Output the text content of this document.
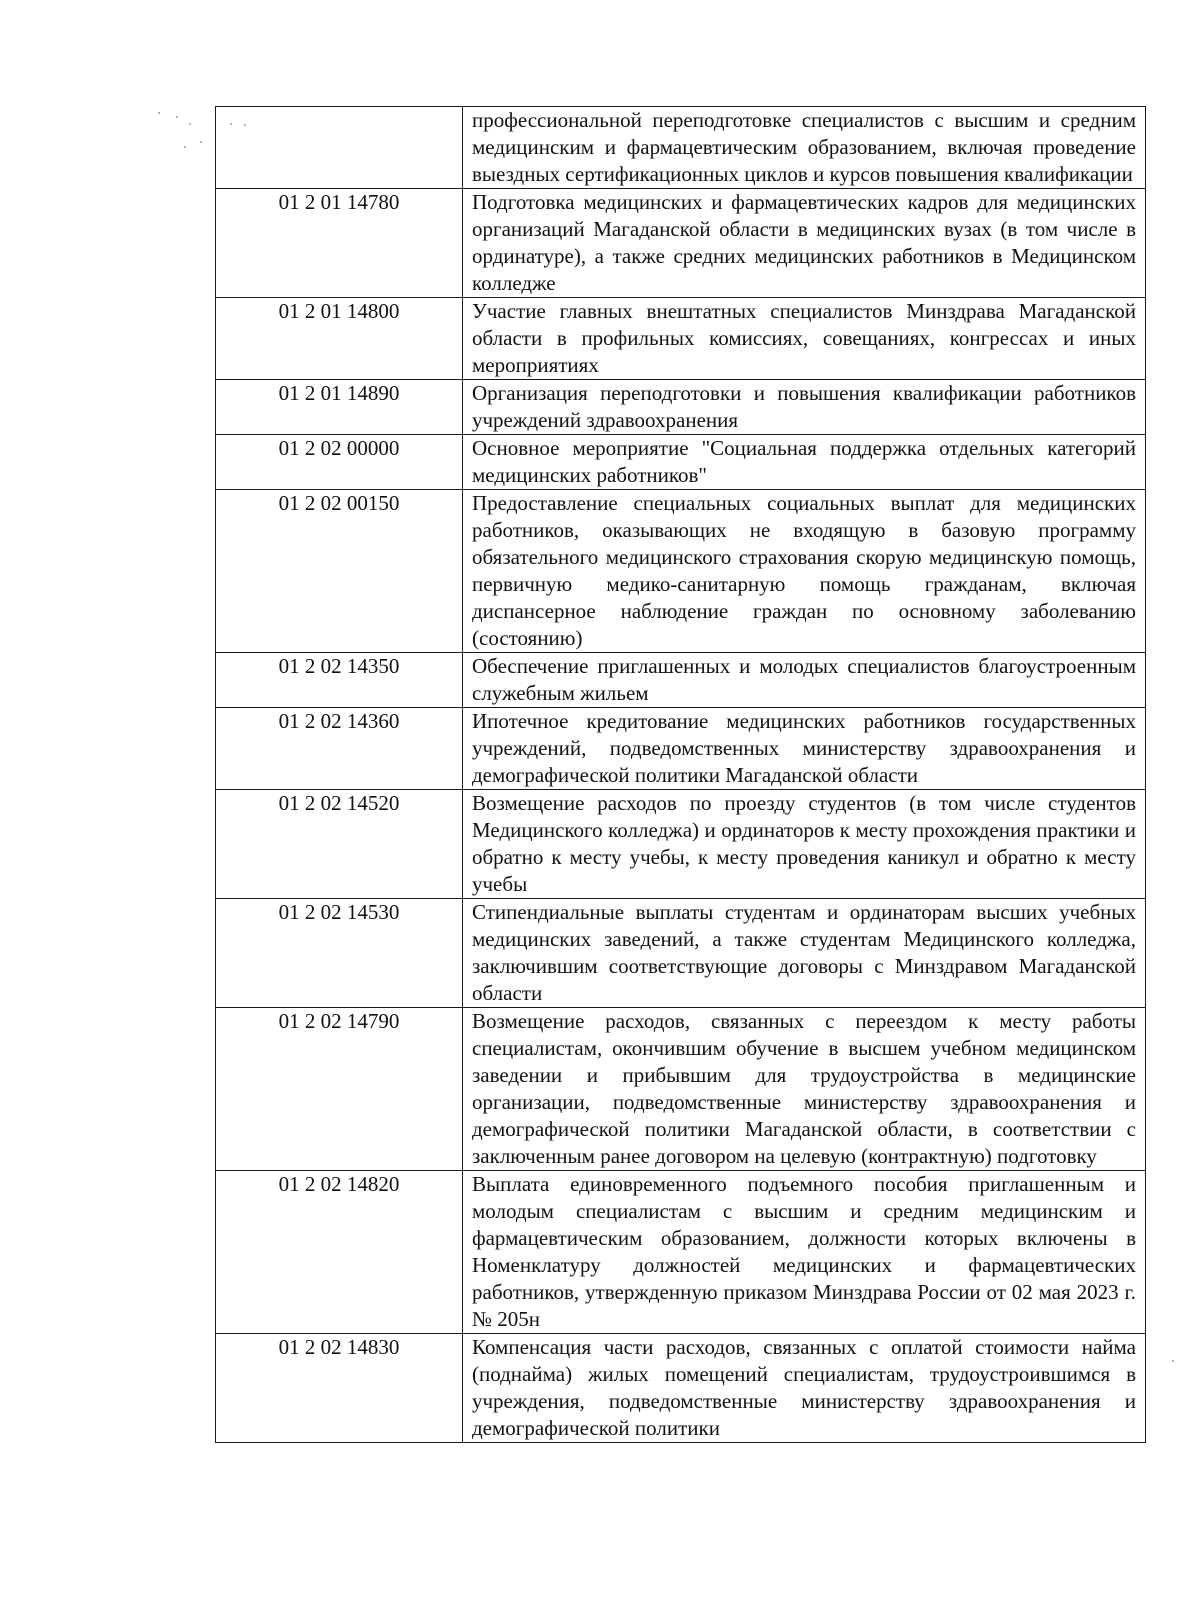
	профессиональной переподготовке специалистов с высшим и средним медицинским и фармацевтическим образованием, включая проведение выездных сертификационных циклов и курсов повышения квалификации
01 2 01 14780	Подготовка медицинских и фармацевтических кадров для медицинских организаций Магаданской области в медицинских вузах (в том числе в ординатуре), а также средних медицинских работников в Медицинском колледже
01 2 01 14800	Участие главных внештатных специалистов Минздрава Магаданской области в профильных комиссиях, совещаниях, конгрессах и иных мероприятиях
01 2 01 14890	Организация переподготовки и повышения квалификации работников учреждений здравоохранения
01 2 02 00000	Основное мероприятие "Социальная поддержка отдельных категорий медицинских работников"
01 2 02 00150	Предоставление специальных социальных выплат для медицинских работников, оказывающих не входящую в базовую программу обязательного медицинского страхования скорую медицинскую помощь, первичную медико-санитарную помощь гражданам, включая диспансерное наблюдение граждан по основному заболеванию (состоянию)
01 2 02 14350	Обеспечение приглашенных и молодых специалистов благоустроенным служебным жильем
01 2 02 14360	Ипотечное кредитование медицинских работников государственных учреждений, подведомственных министерству здравоохранения и демографической политики Магаданской области
01 2 02 14520	Возмещение расходов по проезду студентов (в том числе студентов Медицинского колледжа) и ординаторов к месту прохождения практики и обратно к месту учебы, к месту проведения каникул и обратно к месту учебы
01 2 02 14530	Стипендиальные выплаты студентам и ординаторам высших учебных медицинских заведений, а также студентам Медицинского колледжа, заключившим соответствующие договоры с Минздравом Магаданской области
01 2 02 14790	Возмещение расходов, связанных с переездом к месту работы специалистам, окончившим обучение в высшем учебном медицинском заведении и прибывшим для трудоустройства в медицинские организации, подведомственные министерству здравоохранения и демографической политики Магаданской области, в соответствии с заключенным ранее договором на целевую (контрактную) подготовку
01 2 02 14820	Выплата единовременного подъемного пособия приглашенным и молодым специалистам с высшим и средним медицинским и фармацевтическим образованием, должности которых включены в Номенклатуру должностей медицинских и фармацевтических работников, утвержденную приказом Минздрава России от 02 мая 2023 г. № 205н
01 2 02 14830	Компенсация части расходов, связанных с оплатой стоимости найма (поднайма) жилых помещений специалистам, трудоустроившимся в учреждения, подведомственные министерству здравоохранения и демографической политики
